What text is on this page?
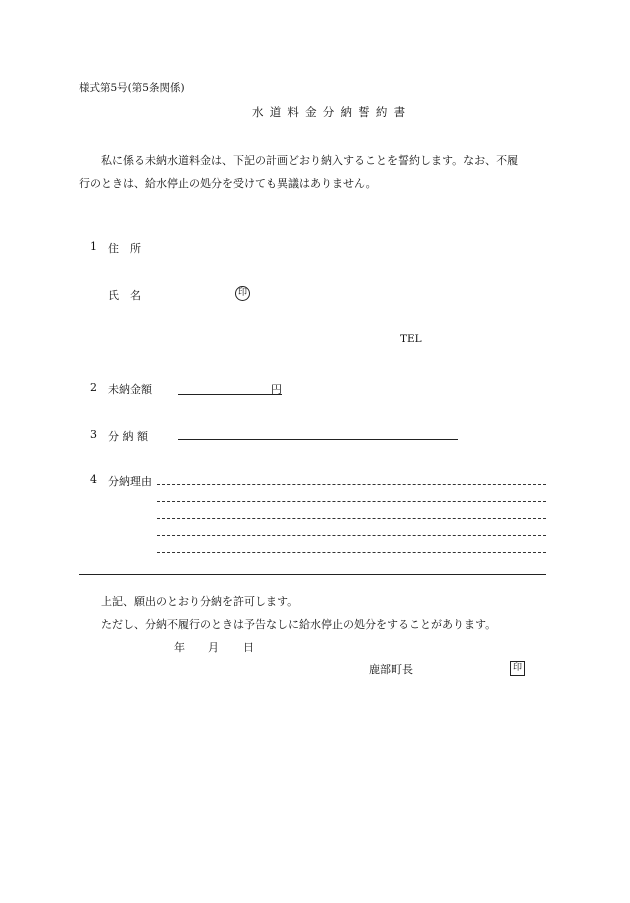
様式第5号(第5条関係)
水道料金分納誓約書
私に係る未納水道料金は、下記の計画どおり納入することを誓約します。なお、不履
行のときは、給水停止の処分を受けても異議はありません。
1 住　所
氏　名	印
TEL
2 未納金額	円
3 分 納 額
4 分納理由
上記、願出のとおり分納を許可します。
ただし、分納不履行のときは予告なしに給水停止の処分をすることがあります。
年 月 日
鹿部町長	印
